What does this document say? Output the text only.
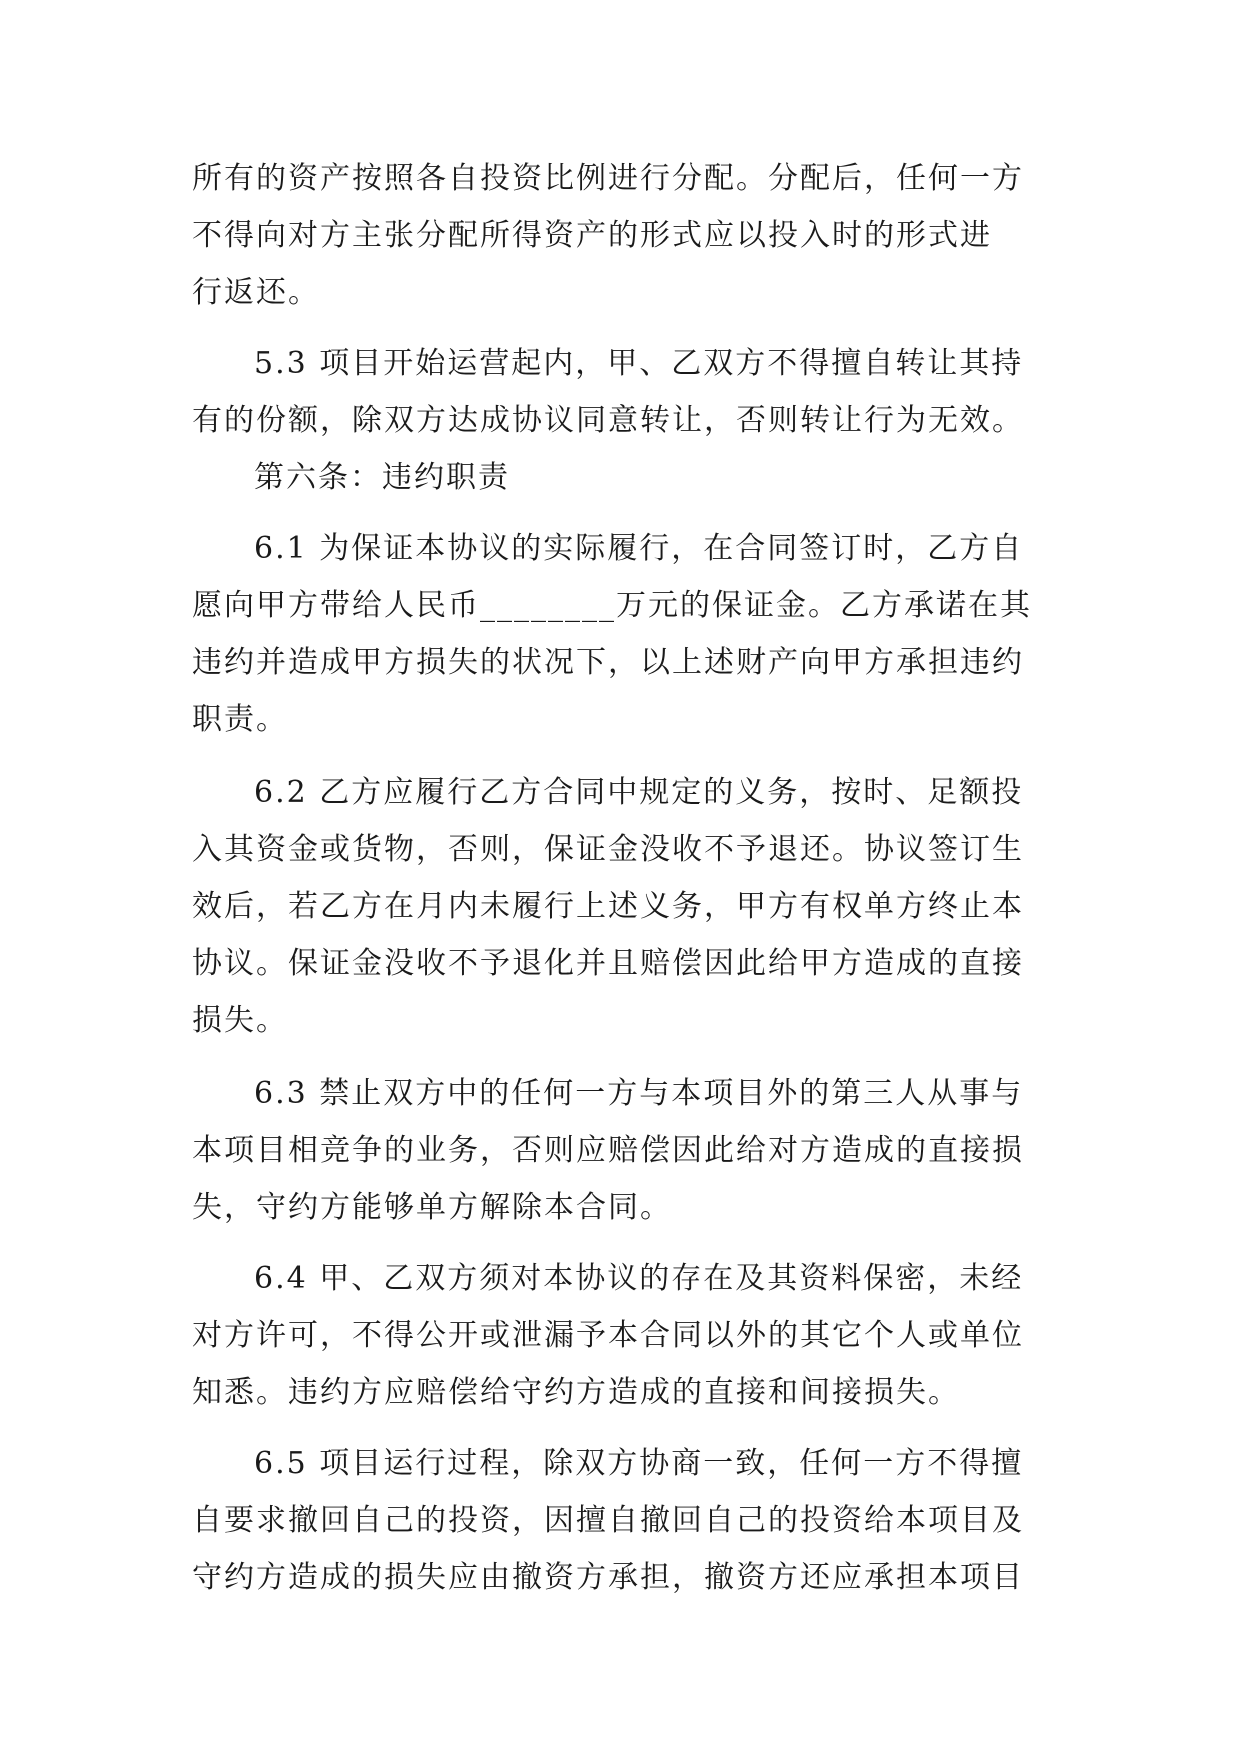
所有的资产按照各自投资比例进行分配。分配后，任何一方
不得向对方主张分配所得资产的形式应以投入时的形式进
行返还。
5.3 项目开始运营起内，甲、乙双方不得擅自转让其持
有的份额，除双方达成协议同意转让，否则转让行为无效。
第六条：违约职责
6.1 为保证本协议的实际履行，在合同签订时，乙方自
愿向甲方带给人民币________万元的保证金。乙方承诺在其
违约并造成甲方损失的状况下，以上述财产向甲方承担违约
职责。
6.2 乙方应履行乙方合同中规定的义务，按时、足额投
入其资金或货物，否则，保证金没收不予退还。协议签订生
效后，若乙方在月内未履行上述义务，甲方有权单方终止本
协议。保证金没收不予退化并且赔偿因此给甲方造成的直接
损失。
6.3 禁止双方中的任何一方与本项目外的第三人从事与
本项目相竞争的业务，否则应赔偿因此给对方造成的直接损
失，守约方能够单方解除本合同。
6.4 甲、乙双方须对本协议的存在及其资料保密，未经
对方许可，不得公开或泄漏予本合同以外的其它个人或单位
知悉。违约方应赔偿给守约方造成的直接和间接损失。
6.5 项目运行过程，除双方协商一致，任何一方不得擅
自要求撤回自己的投资，因擅自撤回自己的投资给本项目及
守约方造成的损失应由撤资方承担，撤资方还应承担本项目
